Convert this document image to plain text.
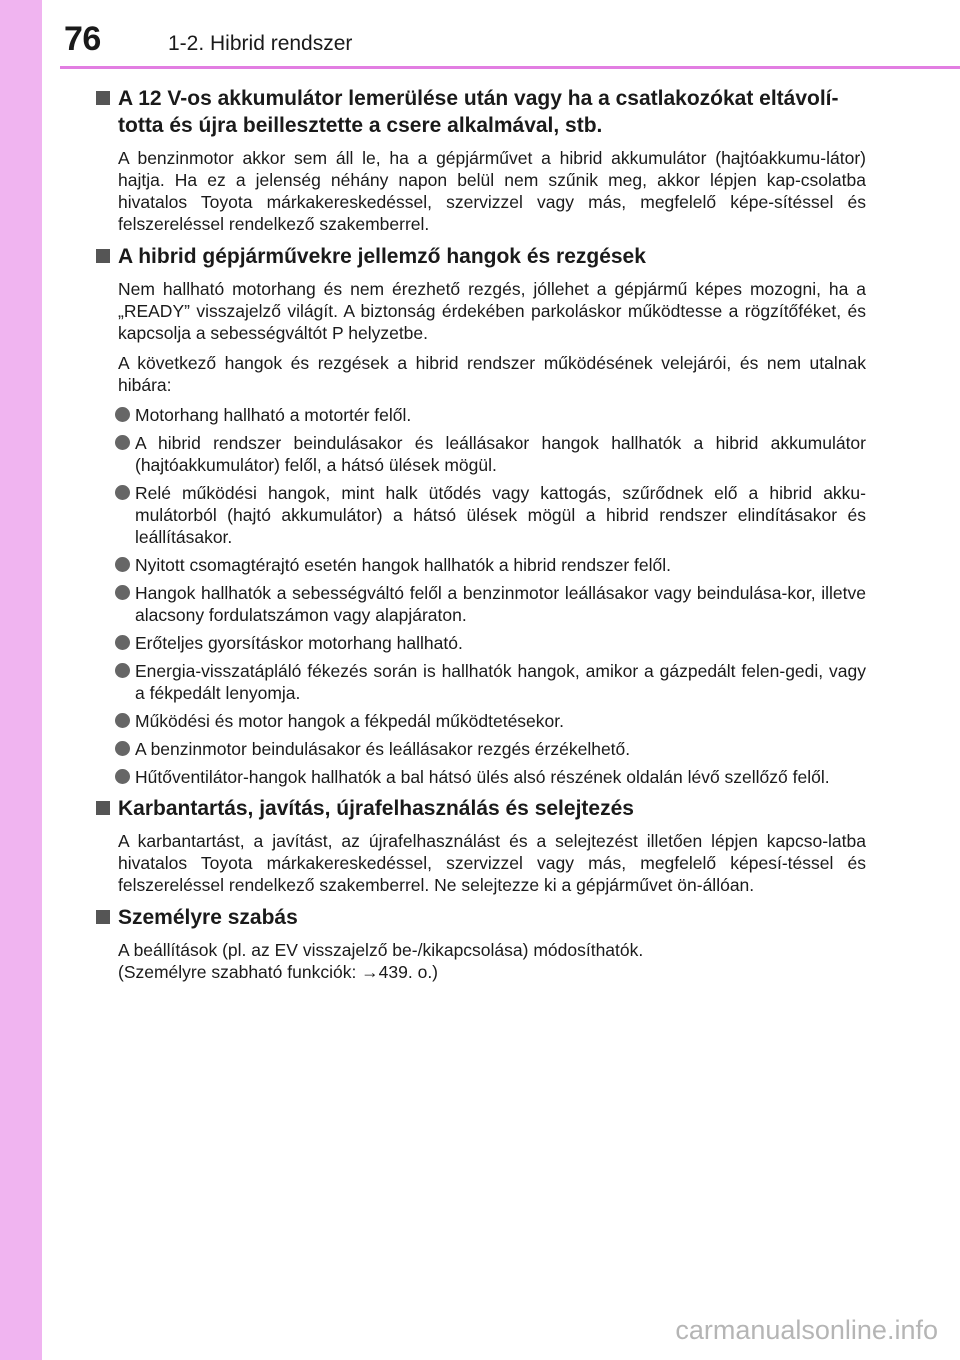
76	1-2. Hibrid rendszer
A 12 V-os akkumulátor lemerülése után vagy ha a csatlakozókat eltávolí-totta és újra beillesztette a csere alkalmával, stb.
A benzinmotor akkor sem áll le, ha a gépjárművet a hibrid akkumulátor (hajtóakkumu-látor) hajtja. Ha ez a jelenség néhány napon belül nem szűnik meg, akkor lépjen kap-csolatba hivatalos Toyota márkakereskedéssel, szervizzel vagy más, megfelelő képe-sítéssel és felszereléssel rendelkező szakemberrel.
A hibrid gépjárművekre jellemző hangok és rezgések
Nem hallható motorhang és nem érezhető rezgés, jóllehet a gépjármű képes mozogni, ha a „READY” visszajelző világít. A biztonság érdekében parkoláskor működtesse a rögzítőféket, és kapcsolja a sebességváltót P helyzetbe.
A következő hangok és rezgések a hibrid rendszer működésének velejárói, és nem utalnak hibára:
Motorhang hallható a motortér felől.
A hibrid rendszer beindulásakor és leállásakor hangok hallhatók a hibrid akkumulátor (hajtóakkumulátor) felől, a hátsó ülések mögül.
Relé működési hangok, mint halk ütődés vagy kattogás, szűrődnek elő a hibrid akku-mulátorból (hajtó akkumulátor) a hátsó ülések mögül a hibrid rendszer elindításakor és leállításakor.
Nyitott csomagtérajtó esetén hangok hallhatók a hibrid rendszer felől.
Hangok hallhatók a sebességváltó felől a benzinmotor leállásakor vagy beindulása-kor, illetve alacsony fordulatszámon vagy alapjáraton.
Erőteljes gyorsításkor motorhang hallható.
Energia-visszatápláló fékezés során is hallhatók hangok, amikor a gázpedált felen-gedi, vagy a fékpedált lenyomja.
Működési és motor hangok a fékpedál működtetésekor.
A benzinmotor beindulásakor és leállásakor rezgés érzékelhető.
Hűtőventilátor-hangok hallhatók a bal hátsó ülés alsó részének oldalán lévő szellőző felől.
Karbantartás, javítás, újrafelhasználás és selejtezés
A karbantartást, a javítást, az újrafelhasználást és a selejtezést illetően lépjen kapcso-latba hivatalos Toyota márkakereskedéssel, szervizzel vagy más, megfelelő képesí-téssel és felszereléssel rendelkező szakemberrel. Ne selejtezze ki a gépjárművet ön-állóan.
Személyre szabás
A beállítások (pl. az EV visszajelző be-/kikapcsolása) módosíthatók.
(Személyre szabható funkciók: →439. o.)
carmanualsonline.info
